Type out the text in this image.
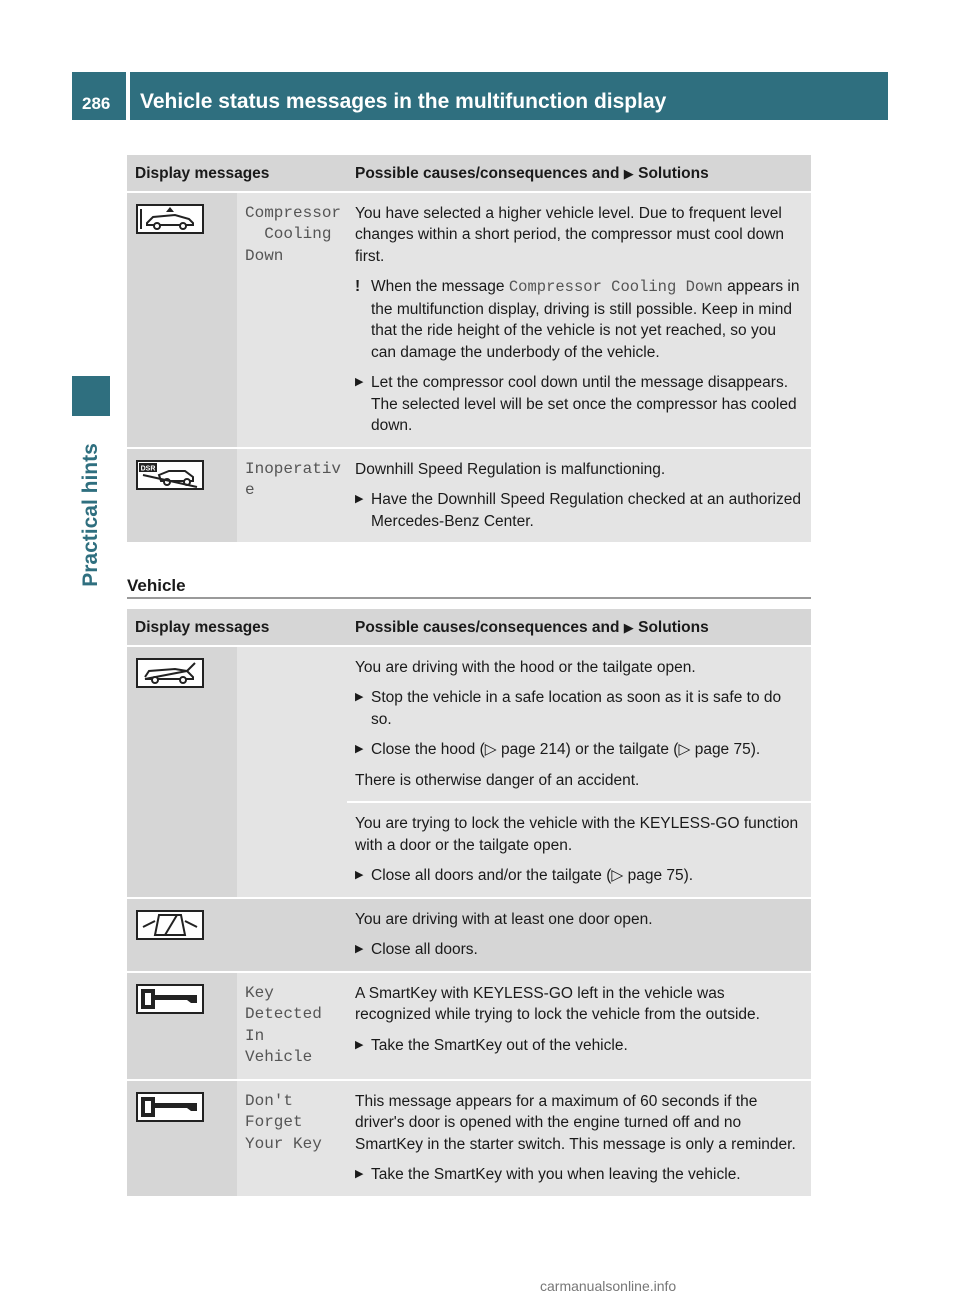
286 Vehicle status messages in the multifunction display
Practical hints
Display messages	Possible causes/consequences and ▶ Solutions
Compressor
Cooling
Down
You have selected a higher vehicle level. Due to frequent level changes within a short period, the compressor must cool down first.
! When the message Compressor Cooling Down appears in the multifunction display, driving is still possible. Keep in mind that the ride height of the vehicle is not yet reached, so you can damage the underbody of the vehicle.
▶ Let the compressor cool down until the message disappears.
The selected level will be set once the compressor has cooled down.
DSR	Inoperativ
e
Downhill Speed Regulation is malfunctioning.
▶ Have the Downhill Speed Regulation checked at an authorized Mercedes-Benz Center.
Vehicle
Display messages	Possible causes/consequences and ▶ Solutions
You are driving with the hood or the tailgate open.
▶ Stop the vehicle in a safe location as soon as it is safe to do so.
▶ Close the hood (▷ page 214) or the tailgate (▷ page 75).
There is otherwise danger of an accident.
You are trying to lock the vehicle with the KEYLESS-GO function with a door or the tailgate open.
▶ Close all doors and/or the tailgate (▷ page 75).
You are driving with at least one door open.
▶ Close all doors.
Key
Detected
In Vehicle
A SmartKey with KEYLESS-GO left in the vehicle was recognized while trying to lock the vehicle from the outside.
▶ Take the SmartKey out of the vehicle.
Don't
Forget
Your Key
This message appears for a maximum of 60 seconds if the driver's door is opened with the engine turned off and no SmartKey in the starter switch. This message is only a reminder.
▶ Take the SmartKey with you when leaving the vehicle.
carmanualsonline.info
